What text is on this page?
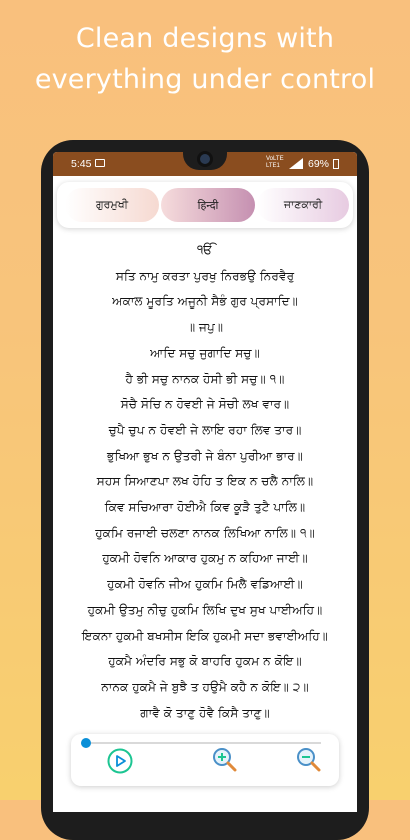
Clean designs with
everything under control
5:45	VoLTE
LTE1	69%
ਗੁਰਮੁਖੀ	हिन्दी	ਜਾਣਕਾਰੀ
ੴ
ਸਤਿ ਨਾਮੁ ਕਰਤਾ ਪੁਰਖੁ ਨਿਰਭਉ ਨਿਰਵੈਰੁ
ਅਕਾਲ ਮੂਰਤਿ ਅਜੂਨੀ ਸੈਭੰ ਗੁਰ ਪ੍ਰਸਾਦਿ॥
॥ ਜਪੁ॥
ਆਦਿ ਸਚੁ ਜੁਗਾਦਿ ਸਚੁ॥
ਹੈ ਭੀ ਸਚੁ ਨਾਨਕ ਹੋਸੀ ਭੀ ਸਚੁ॥ ੧॥
ਸੋਚੈ ਸੋਚਿ ਨ ਹੋਵਈ ਜੇ ਸੋਚੀ ਲਖ ਵਾਰ॥
ਚੁਪੈ ਚੁਪ ਨ ਹੋਵਈ ਜੇ ਲਾਇ ਰਹਾ ਲਿਵ ਤਾਰ॥
ਭੁਖਿਆ ਭੁਖ ਨ ਉਤਰੀ ਜੇ ਬੰਨਾ ਪੁਰੀਆ ਭਾਰ॥
ਸਹਸ ਸਿਆਣਪਾ ਲਖ ਹੋਹਿ ਤ ਇਕ ਨ ਚਲੈ ਨਾਲਿ॥
ਕਿਵ ਸਚਿਆਰਾ ਹੋਈਐ ਕਿਵ ਕੂੜੈ ਤੁਟੈ ਪਾਲਿ॥
ਹੁਕਮਿ ਰਜਾਈ ਚਲਣਾ ਨਾਨਕ ਲਿਖਿਆ ਨਾਲਿ॥ ੧॥
ਹੁਕਮੀ ਹੋਵਨਿ ਆਕਾਰ ਹੁਕਮੁ ਨ ਕਹਿਆ ਜਾਈ॥
ਹੁਕਮੀ ਹੋਵਨਿ ਜੀਅ ਹੁਕਮਿ ਮਿਲੈ ਵਡਿਆਈ॥
ਹੁਕਮੀ ਉਤਮੁ ਨੀਚੁ ਹੁਕਮਿ ਲਿਖਿ ਦੁਖ ਸੁਖ ਪਾਈਅਹਿ॥
ਇਕਨਾ ਹੁਕਮੀ ਬਖਸੀਸ ਇਕਿ ਹੁਕਮੀ ਸਦਾ ਭਵਾਈਅਹਿ॥
ਹੁਕਮੈ ਅੰਦਰਿ ਸਭੁ ਕੋ ਬਾਹਰਿ ਹੁਕਮ ਨ ਕੋਇ॥
ਨਾਨਕ ਹੁਕਮੈ ਜੇ ਬੁਝੈ ਤ ਹਉਮੈ ਕਹੈ ਨ ਕੋਇ॥ ੨॥
ਗਾਵੈ ਕੋ ਤਾਣੁ ਹੋਵੈ ਕਿਸੈ ਤਾਣੁ॥
